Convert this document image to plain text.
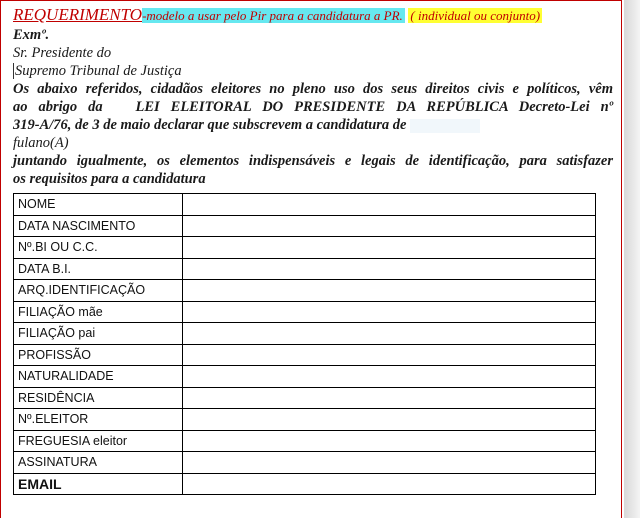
REQUERIMENTO-modelo a usar pelo Pir para a candidatura a PR. ( individual ou conjunto)
Exmº.
Sr. Presidente do
Supremo Tribunal de Justiça
Os abaixo referidos, cidadãos eleitores no pleno uso dos seus direitos civis e políticos, vêm
ao abrigo da LEI ELEITORAL DO PRESIDENTE DA REPÚBLICA Decreto-Lei nº
319-A/76, de 3 de maio declarar que subscrevem a candidatura de
fulano(A)
juntando igualmente, os elementos indispensáveis e legais de identificação, para satisfazer
os requisitos para a candidatura
NOME	
DATA NASCIMENTO	
Nº.BI OU C.C.	
DATA B.I.	
ARQ.IDENTIFICAÇÃO	
FILIAÇÃO mãe	
FILIAÇÃO pai	
PROFISSÃO	
NATURALIDADE	
RESIDÊNCIA	
Nº.ELEITOR	
FREGUESIA eleitor	
ASSINATURA	
EMAIL	
